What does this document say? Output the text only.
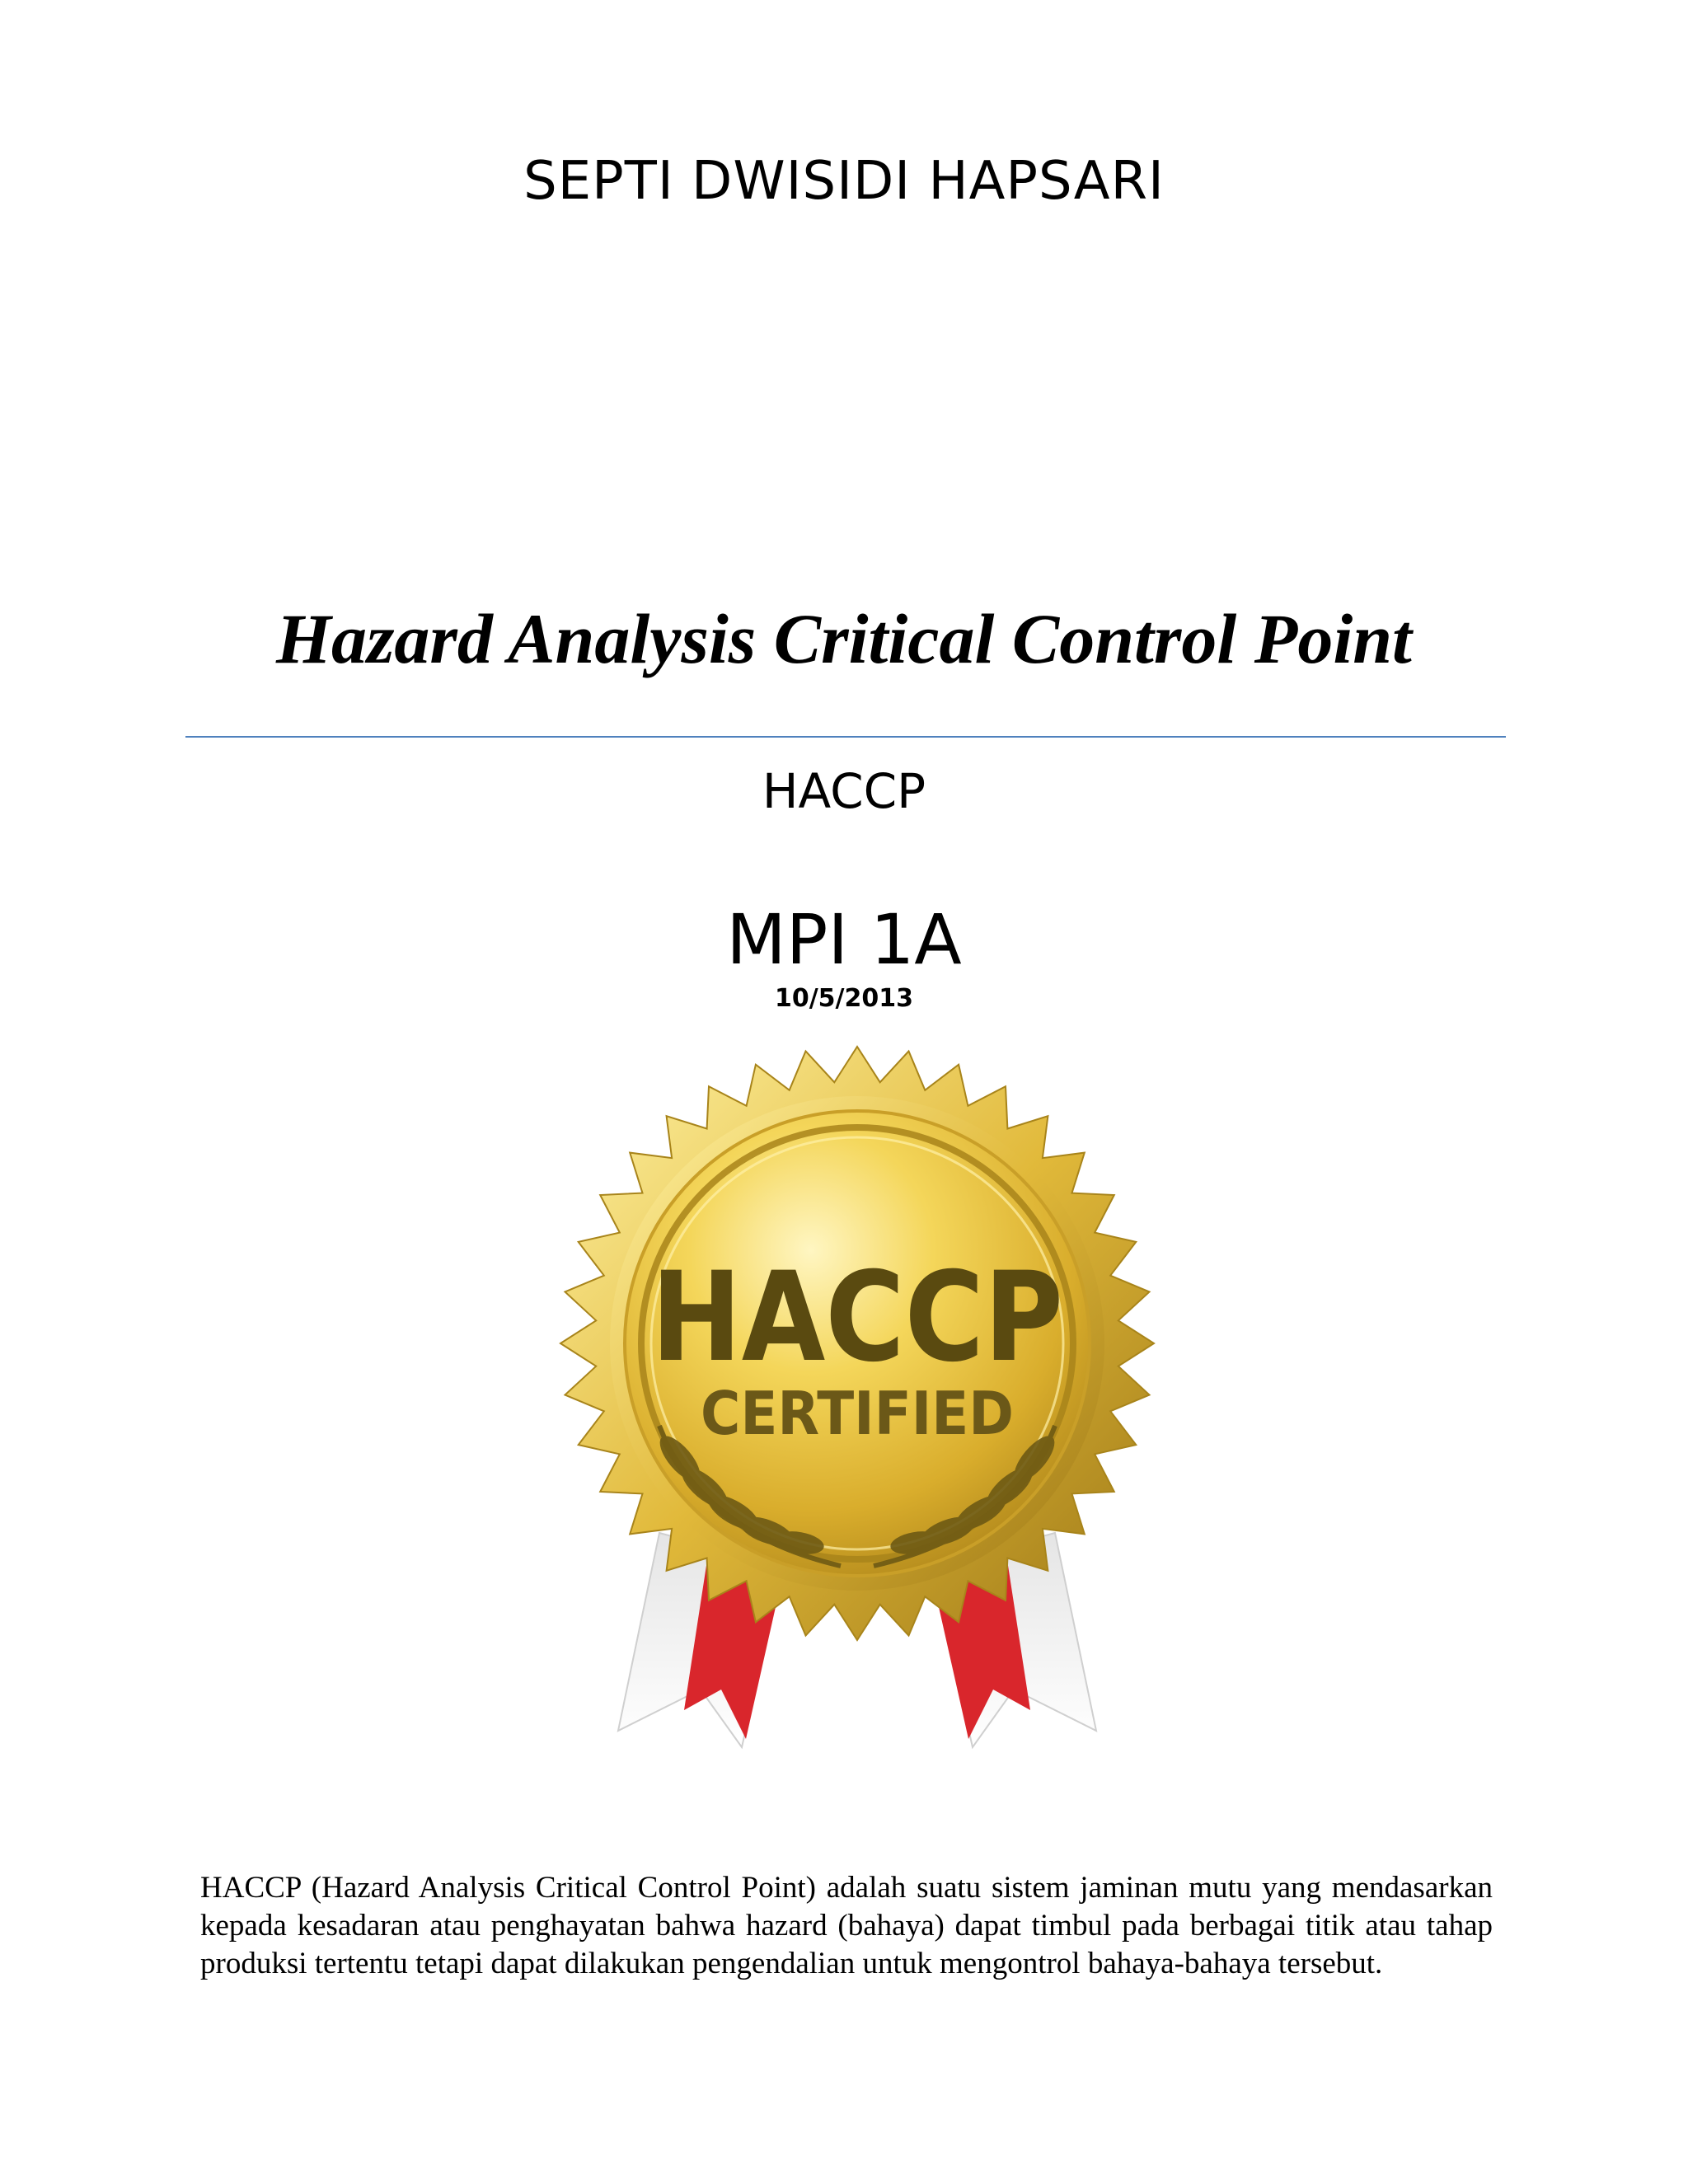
SEPTI DWISIDI HAPSARI
Hazard Analysis Critical Control Point
HACCP
MPI 1A
10/5/2013
HACCP
CERTIFIED
HACCP (Hazard Analysis Critical Control Point) adalah suatu sistem jaminan mutu yang mendasarkan kepada kesadaran atau penghayatan bahwa hazard (bahaya) dapat timbul pada berbagai titik atau tahap produksi tertentu tetapi dapat dilakukan pengendalian untuk mengontrol bahaya-bahaya tersebut.
